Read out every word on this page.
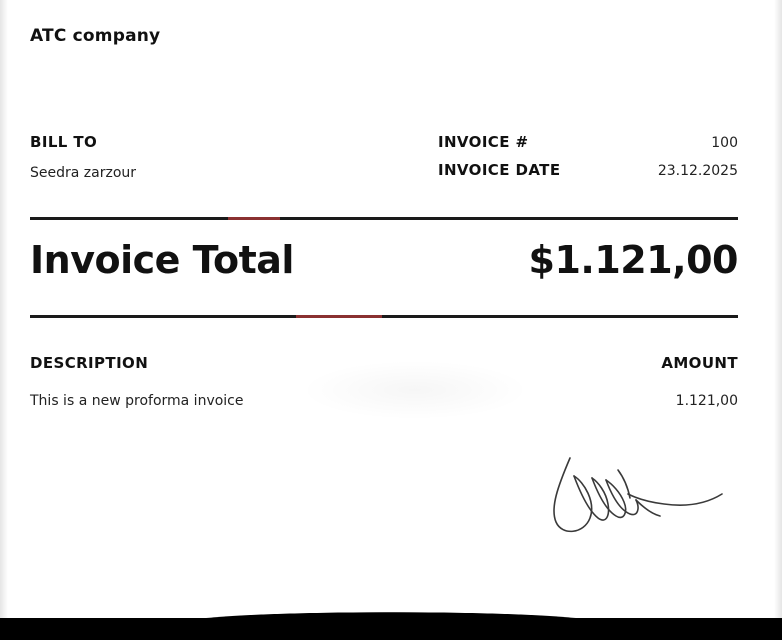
ATC company
BILL TO
Seedra zarzour
INVOICE #	100
INVOICE DATE	23.12.2025
Invoice Total	$1.121,00
DESCRIPTION	AMOUNT
This is a new proforma invoice	1.121,00
